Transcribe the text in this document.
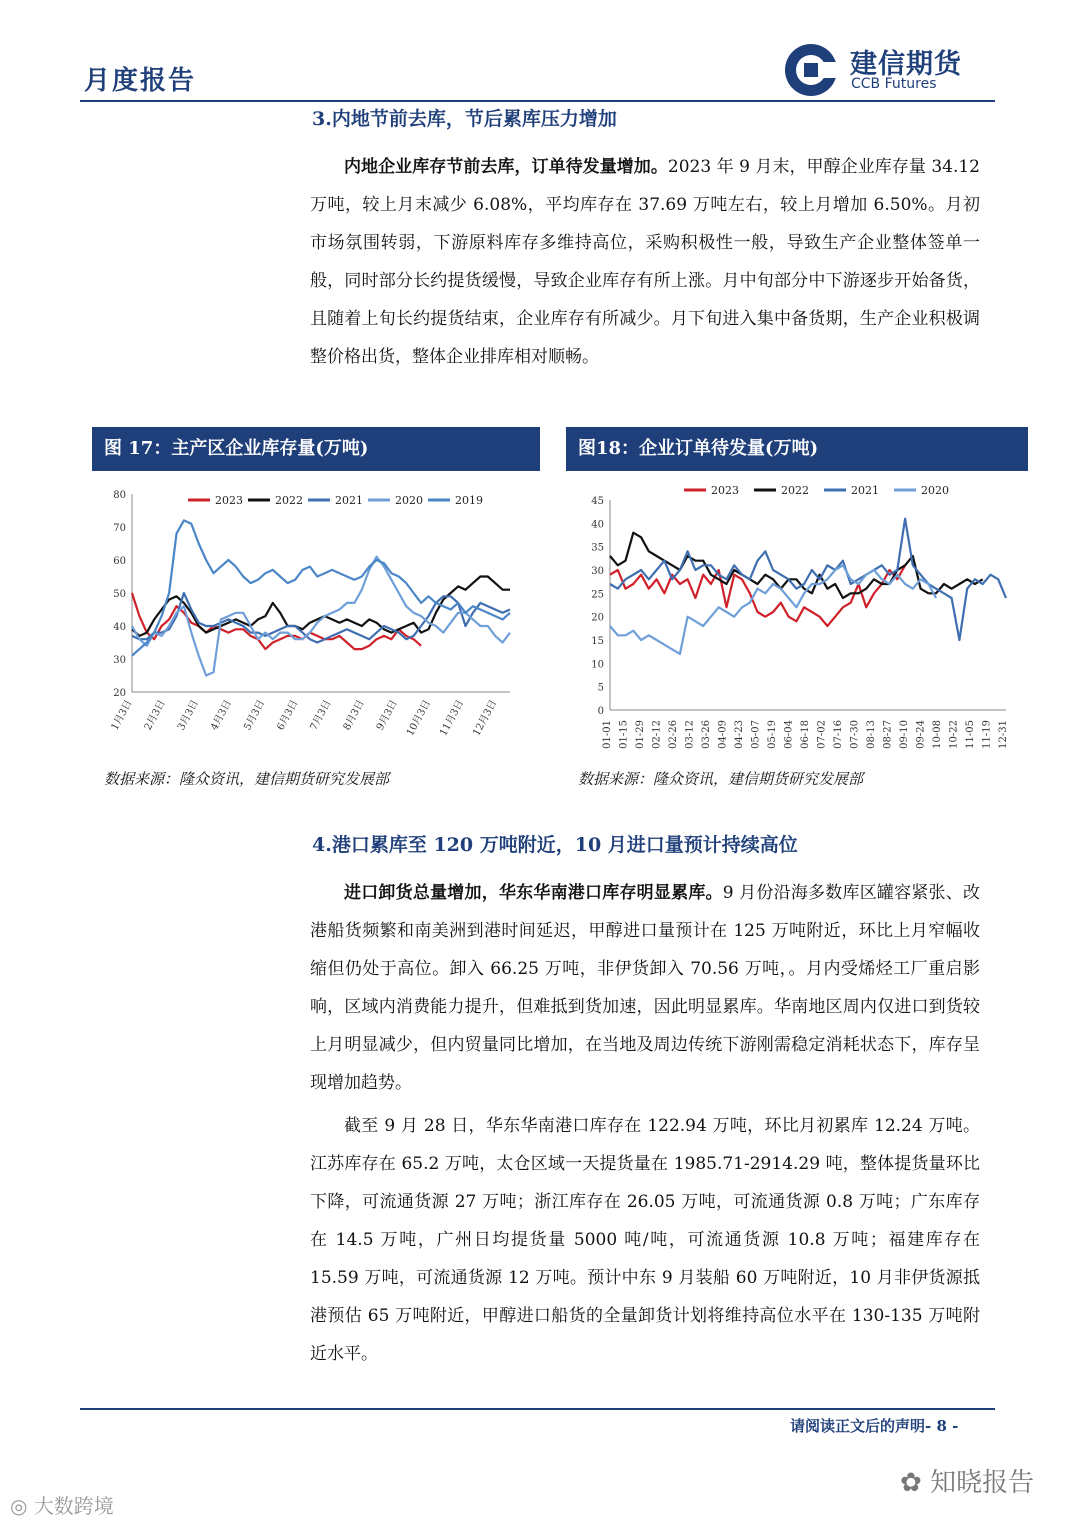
月度报告
建信期货
CCB Futures
3.内地节前去库，节后累库压力增加
内地企业库存节前去库，订单待发量增加。2023 年 9 月末，甲醇企业库存量 34.12 万吨，较上月末减少 6.08%，平均库存在 37.69 万吨左右，较上月增加 6.50%。月初市场氛围转弱，下游原料库存多维持高位，采购积极性一般，导致生产企业整体签单一般，同时部分长约提货缓慢，导致企业库存有所上涨。月中旬部分中下游逐步开始备货，且随着上旬长约提货结束，企业库存有所减少。月下旬进入集中备货期，生产企业积极调整价格出货，整体企业排库相对顺畅。
图 17：主产区企业库存量(万吨)
20
30
40
50
60
70
80
1月3日 2月3日 3月3日 4月3日 5月3日 6月3日 7月3日 8月3日 9月3日 10月3日 11月3日 12月3日
2023	2022	2021	2020	2019
数据来源：隆众资讯，建信期货研究发展部
图18：企业订单待发量(万吨)
0
5
10
15
20
25
30
35
40
45
01-01 01-15 01-29 02-12 02-26 03-12 03-26 04-09 04-23 05-07 05-19 06-04 06-18 07-02 07-16 07-30 08-13 08-27 09-10 09-24 10-08 10-22 11-05 11-19 12-31
2023	2022	2021	2020
数据来源：隆众资讯，建信期货研究发展部
4.港口累库至 120 万吨附近，10 月进口量预计持续高位
进口卸货总量增加，华东华南港口库存明显累库。9 月份沿海多数库区罐容紧张、改港船货频繁和南美洲到港时间延迟，甲醇进口量预计在 125 万吨附近，环比上月窄幅收缩但仍处于高位。卸入 66.25 万吨，非伊货卸入 70.56 万吨，。月内受烯烃工厂重启影响，区域内消费能力提升，但难抵到货加速，因此明显累库。华南地区周内仅进口到货较上月明显减少，但内贸量同比增加，在当地及周边传统下游刚需稳定消耗状态下，库存呈现增加趋势。
截至 9 月 28 日，华东华南港口库存在 122.94 万吨，环比月初累库 12.24 万吨。江苏库存在 65.2 万吨，太仓区域一天提货量在 1985.71-2914.29 吨，整体提货量环比下降，可流通货源 27 万吨；浙江库存在 26.05 万吨，可流通货源 0.8 万吨；广东库存在 14.5 万吨，广州日均提货量 5000 吨/吨，可流通货源 10.8 万吨；福建库存在 15.59 万吨，可流通货源 12 万吨。预计中东 9 月装船 60 万吨附近，10 月非伊货源抵港预估 65 万吨附近，甲醇进口船货的全量卸货计划将维持高位水平在 130-135 万吨附近水平。
请阅读正文后的声明- 8 -
◎ 大数跨境
✿ 知晓报告
